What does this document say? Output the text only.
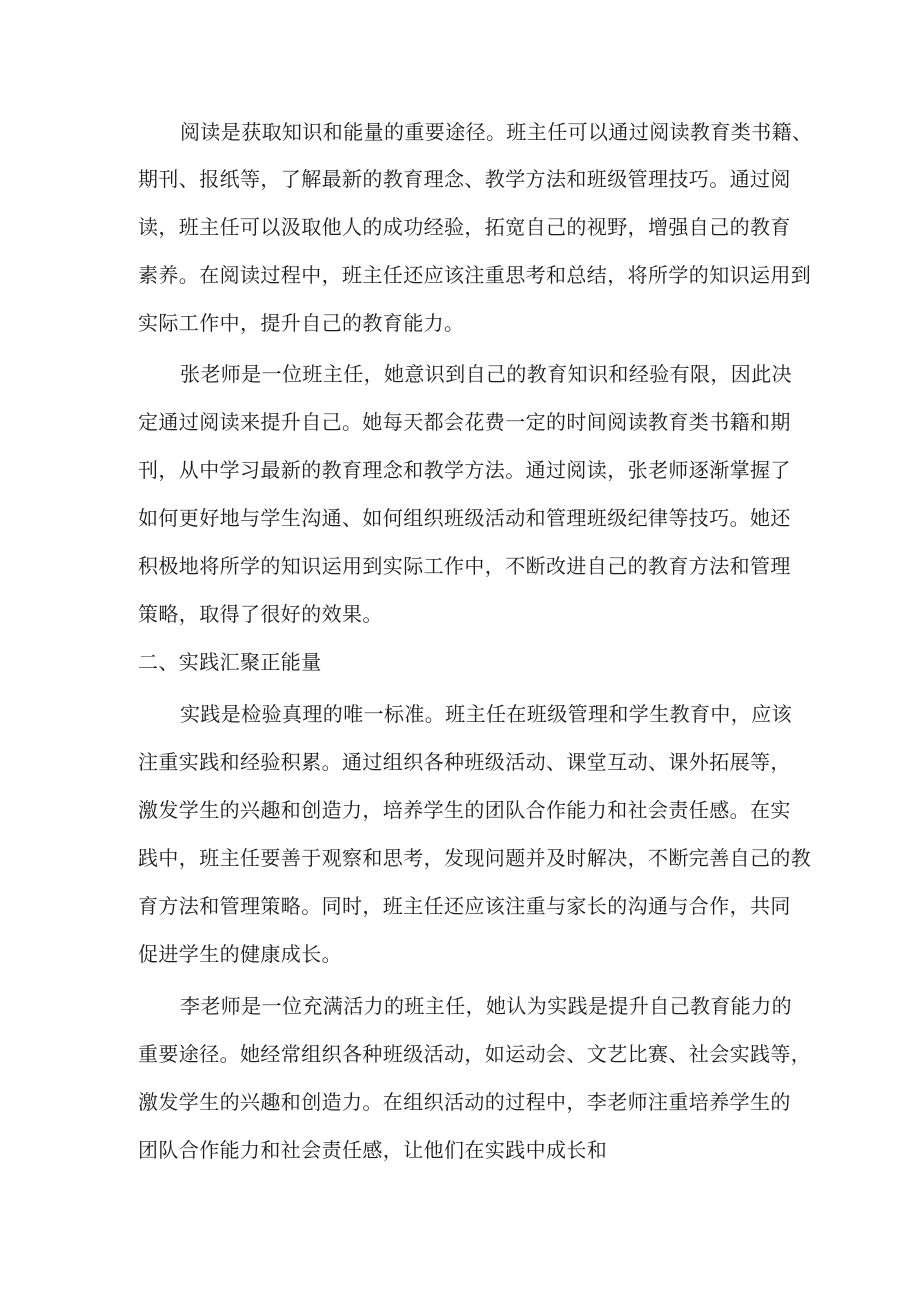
阅读是获取知识和能量的重要途径。班主任可以通过阅读教育类书籍、
期刊、报纸等，了解最新的教育理念、教学方法和班级管理技巧。通过阅
读，班主任可以汲取他人的成功经验，拓宽自己的视野，增强自己的教育
素养。在阅读过程中，班主任还应该注重思考和总结，将所学的知识运用到
实际工作中，提升自己的教育能力。
张老师是一位班主任，她意识到自己的教育知识和经验有限，因此决
定通过阅读来提升自己。她每天都会花费一定的时间阅读教育类书籍和期
刊，从中学习最新的教育理念和教学方法。通过阅读，张老师逐渐掌握了
如何更好地与学生沟通、如何组织班级活动和管理班级纪律等技巧。她还
积极地将所学的知识运用到实际工作中，不断改进自己的教育方法和管理
策略，取得了很好的效果。
二、实践汇聚正能量
实践是检验真理的唯一标准。班主任在班级管理和学生教育中，应该
注重实践和经验积累。通过组织各种班级活动、课堂互动、课外拓展等，
激发学生的兴趣和创造力，培养学生的团队合作能力和社会责任感。在实
践中，班主任要善于观察和思考，发现问题并及时解决，不断完善自己的教
育方法和管理策略。同时，班主任还应该注重与家长的沟通与合作，共同
促进学生的健康成长。
李老师是一位充满活力的班主任，她认为实践是提升自己教育能力的
重要途径。她经常组织各种班级活动，如运动会、文艺比赛、社会实践等，
激发学生的兴趣和创造力。在组织活动的过程中，李老师注重培养学生的
团队合作能力和社会责任感，让他们在实践中成长和
